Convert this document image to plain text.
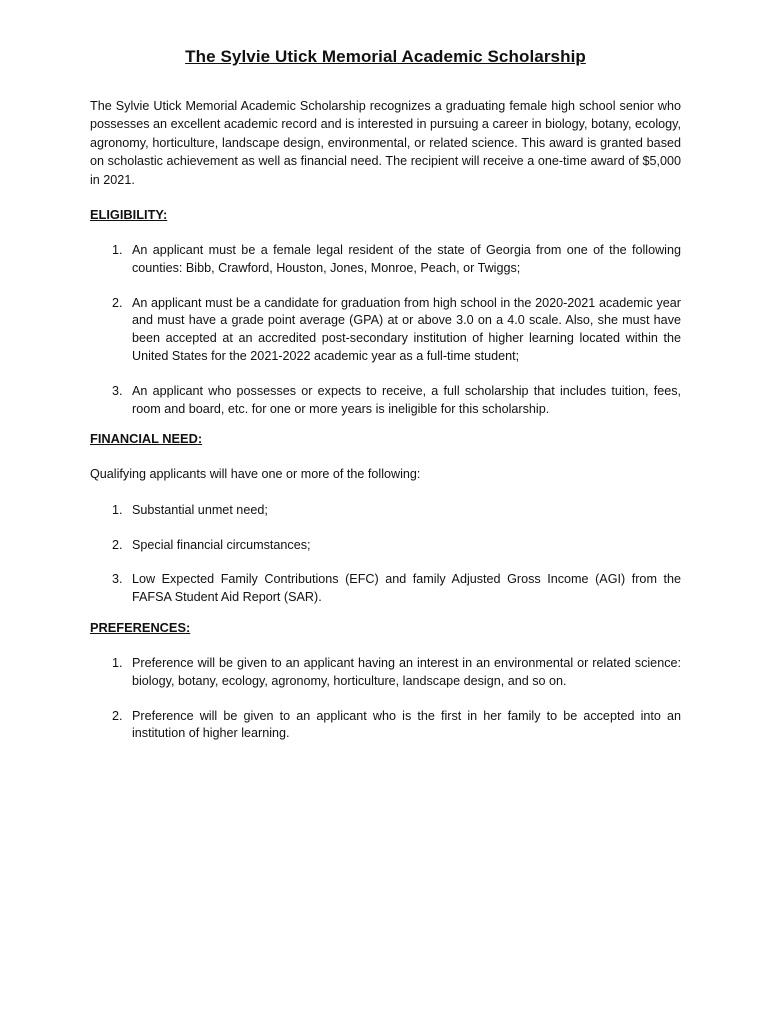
The Sylvie Utick Memorial Academic Scholarship

The Sylvie Utick Memorial Academic Scholarship recognizes a graduating female high school senior who possesses an excellent academic record and is interested in pursuing a career in biology, botany, ecology, agronomy, horticulture, landscape design, environmental, or related science. This award is granted based on scholastic achievement as well as financial need. The recipient will receive a one-time award of $5,000 in 2021.

ELIGIBILITY:

1. An applicant must be a female legal resident of the state of Georgia from one of the following counties: Bibb, Crawford, Houston, Jones, Monroe, Peach, or Twiggs;
2. An applicant must be a candidate for graduation from high school in the 2020-2021 academic year and must have a grade point average (GPA) at or above 3.0 on a 4.0 scale. Also, she must have been accepted at an accredited post-secondary institution of higher learning located within the United States for the 2021-2022 academic year as a full-time student;
3. An applicant who possesses or expects to receive, a full scholarship that includes tuition, fees, room and board, etc. for one or more years is ineligible for this scholarship.

FINANCIAL NEED:

Qualifying applicants will have one or more of the following:

1. Substantial unmet need;
2. Special financial circumstances;
3. Low Expected Family Contributions (EFC) and family Adjusted Gross Income (AGI) from the FAFSA Student Aid Report (SAR).

PREFERENCES:

1. Preference will be given to an applicant having an interest in an environmental or related science: biology, botany, ecology, agronomy, horticulture, landscape design, and so on.
2. Preference will be given to an applicant who is the first in her family to be accepted into an institution of higher learning.
